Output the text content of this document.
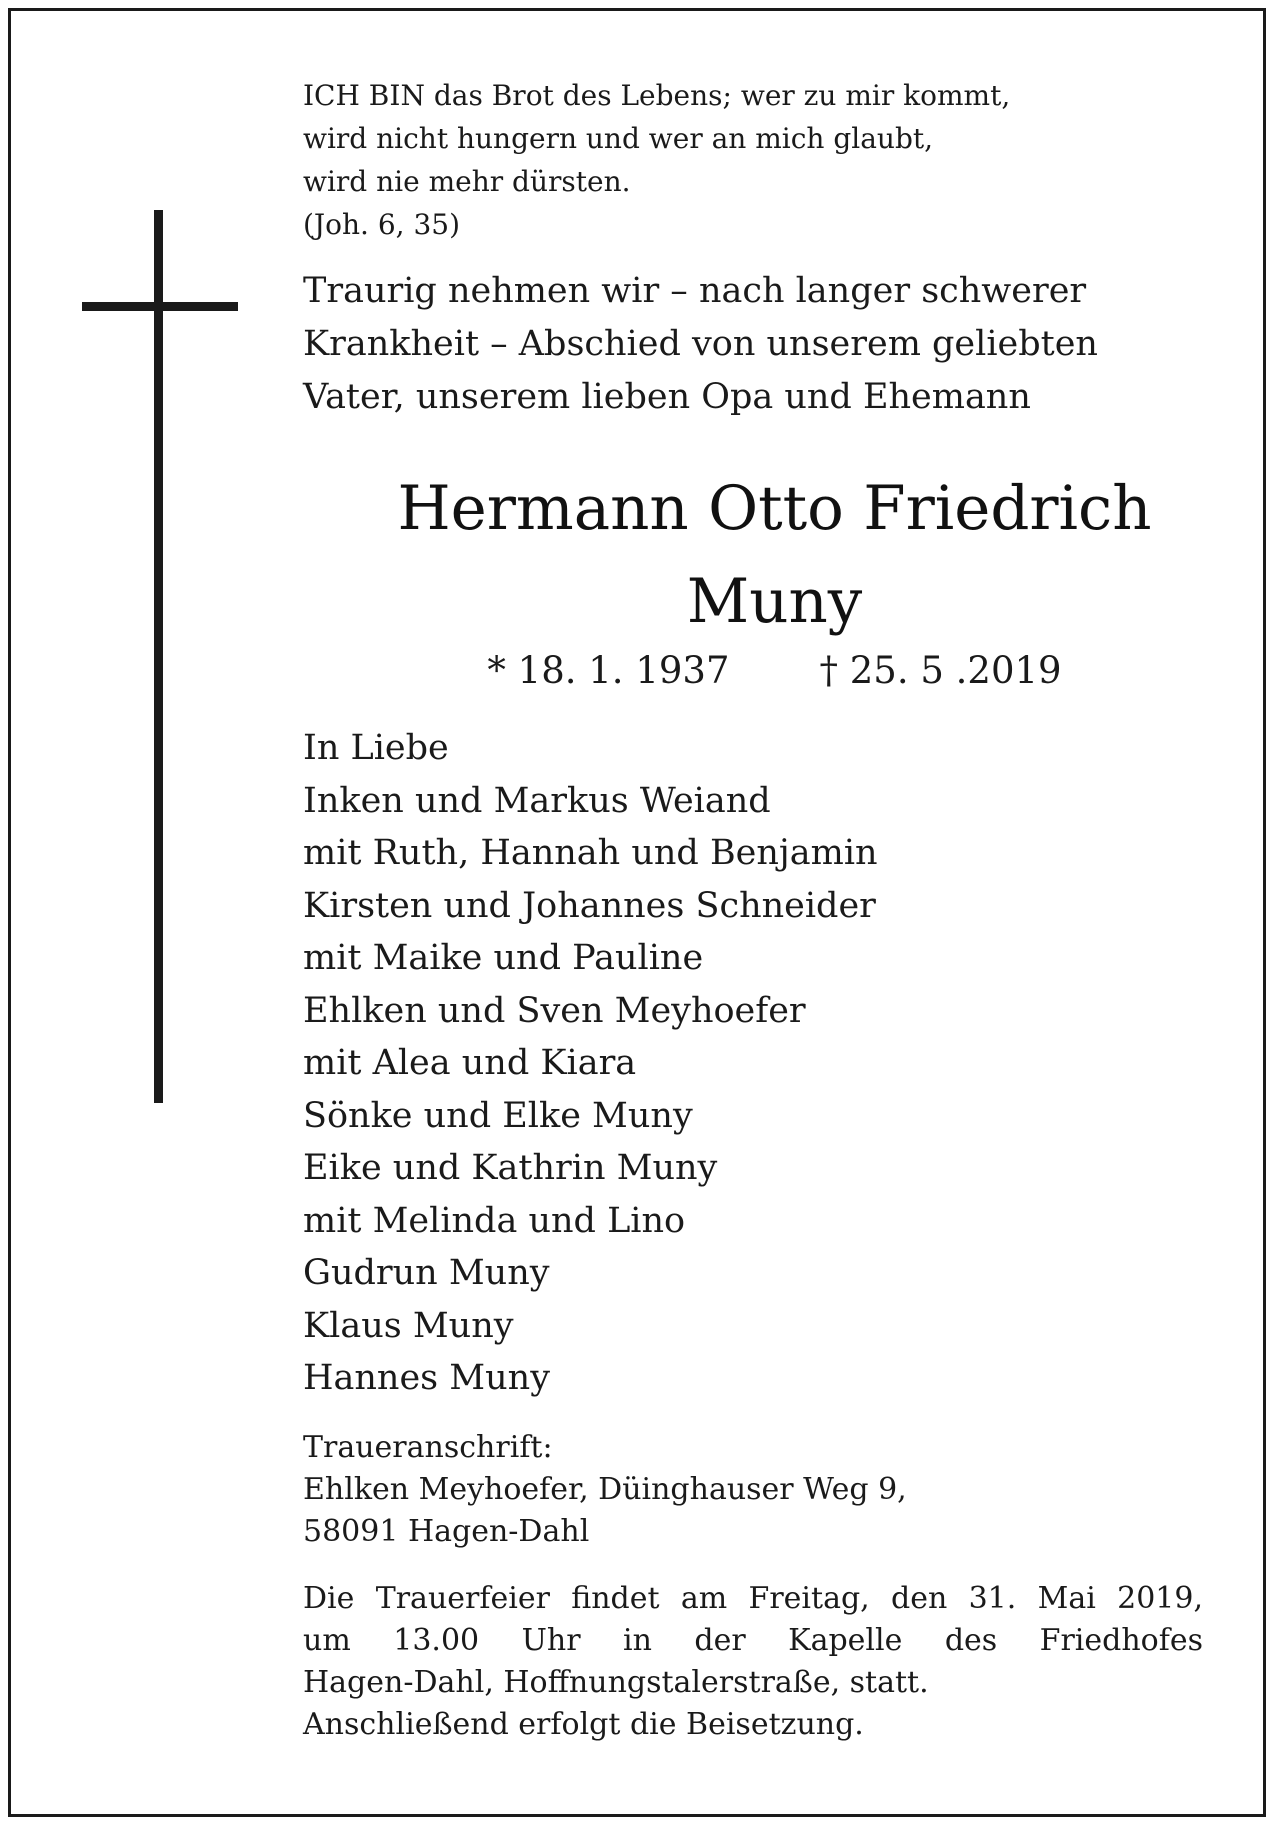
ICH BIN das Brot des Lebens; wer zu mir kommt,
wird nicht hungern und wer an mich glaubt,
wird nie mehr dürsten.
(Joh. 6, 35)

Traurig nehmen wir – nach langer schwerer
Krankheit – Abschied von unserem geliebten
Vater, unserem lieben Opa und Ehemann
Hermann Otto Friedrich
Muny
* 18. 1. 1937 † 25. 5 .2019
In Liebe
Inken und Markus Weiand
mit Ruth, Hannah und Benjamin
Kirsten und Johannes Schneider
mit Maike und Pauline
Ehlken und Sven Meyhoefer
mit Alea und Kiara
Sönke und Elke Muny
Eike und Kathrin Muny
mit Melinda und Lino
Gudrun Muny
Klaus Muny
Hannes Muny
Traueranschrift:
Ehlken Meyhoefer, Düinghauser Weg 9,
58091 Hagen-Dahl
Die Trauerfeier findet am Freitag, den 31. Mai 2019,
um 13.00 Uhr in der Kapelle des Friedhofes
Hagen-Dahl, Hoffnungstalerstraße, statt.
Anschließend erfolgt die Beisetzung.
